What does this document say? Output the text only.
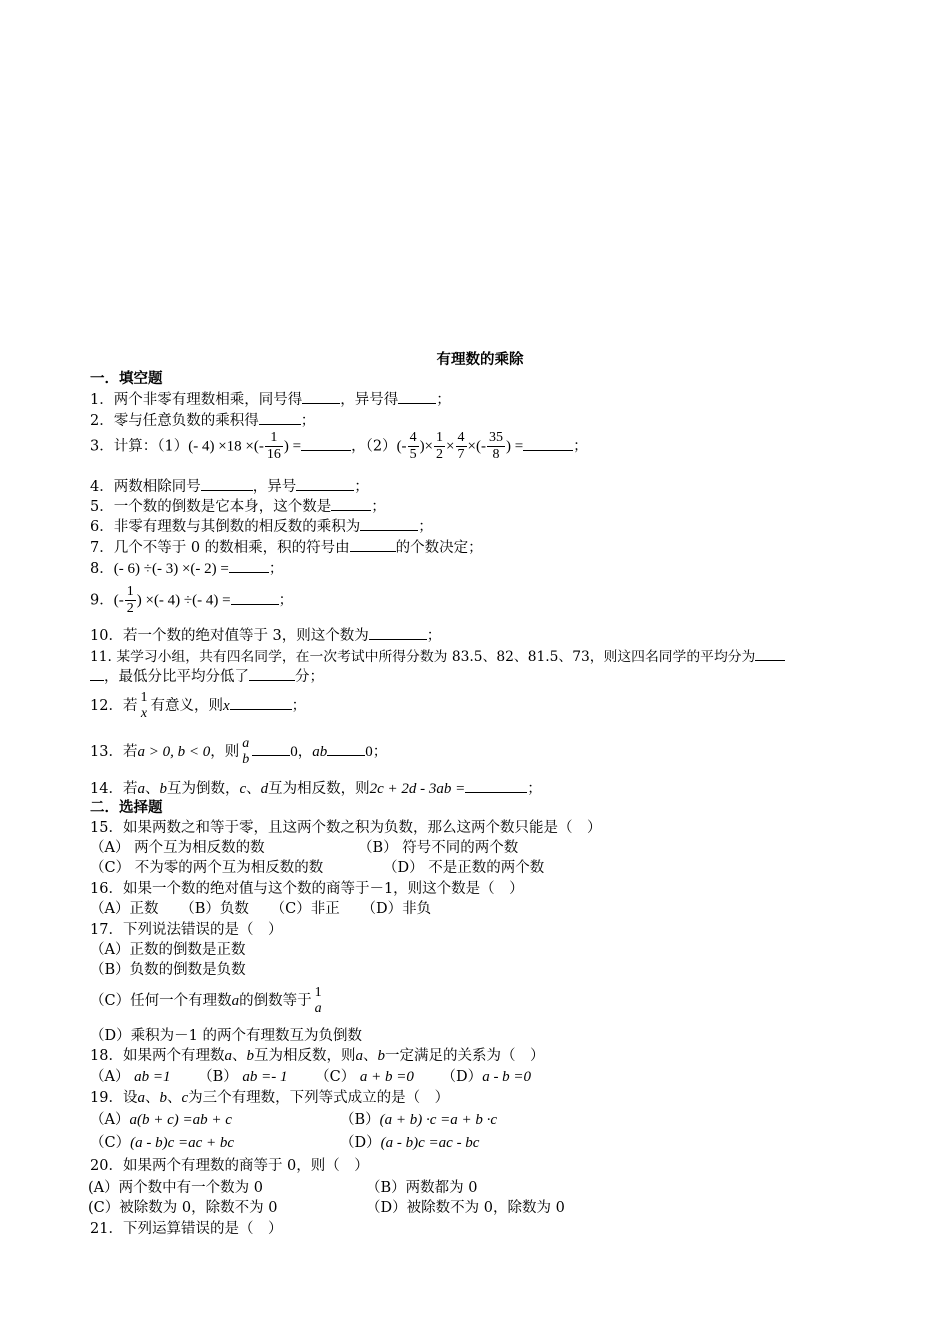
有理数的乘除
一．填空题
1．两个非零有理数相乘，同号得	，异号得	；
2．零与任意负数的乘积得	；
3．计算：（1）(- 4) ×18 ×(- $\frac{1}{16}$ ) =	，$(2)(- \frac{4}{5}$ )× $\frac{1}{2} \times \frac{4}{7}$ ×(- $\frac{35}{8}$ ) =	；
4．两数相除同号	，异号	；
5．一个数的倒数是它本身，这个数是	；
6．非零有理数与其倒数的相反数的乘积为	；
7．几个不等于 0 的数相乘，积的符号由	的个数决定；
8．(- 6) ÷(- 3) ×(- 2) =	；
9．(- $\frac{1}{2}$ ) ×(- 4) ÷(- 4) =	；
10．若一个数的绝对值等于 3，则这个数为	；
11. 某学习小组，共有四名同学，在一次考试中所得分数为 83.5、82、81.5、73，则这四名同学的平均分为
，最低分比平均分低了	分；
12．若
1
x 有意义，则x	；
13．若a > 0, b < 0，则
a
b	0，ab	0；
14．若a、b互为倒数，c、d互为相反数，则2c + 2d - 3ab =	；
二．选择题
15．如果两数之和等于零，且这两个数之积为负数，那么这两个数只能是（　）
（A） 两个互为相反数的数	（B） 符号不同的两个数
（C） 不为零的两个互为相反数的数	（D） 不是正数的两个数
16．如果一个数的绝对值与这个数的商等于－1，则这个数是（　）
（A）正数　　（B）负数　　（C）非正　　（D）非负
17．下列说法错误的是（　）
（A）正数的倒数是正数
（B）负数的倒数是负数
（C）任何一个有理数a的倒数等于
1
a
（D）乘积为－1 的两个有理数互为负倒数
18．如果两个有理数a、b互为相反数，则a、b一定满足的关系为（　）
（A） ab =1 （B） ab =- 1 （C） a + b =0 （D）a - b =0
19．设a、b、c为三个有理数，下列等式成立的是（　）
（A）a(b + c) =ab + c	（B）(a + b) ·c =a + b ·c
（C）(a - b)c =ac + bc	（D）(a - b)c =ac - bc
20．如果两个有理数的商等于 0，则（　）
(A）两个数中有一个数为 0	（B）两数都为 0
(C）被除数为 0，除数不为 0	（D）被除数不为 0，除数为 0
21．下列运算错误的是（　）
